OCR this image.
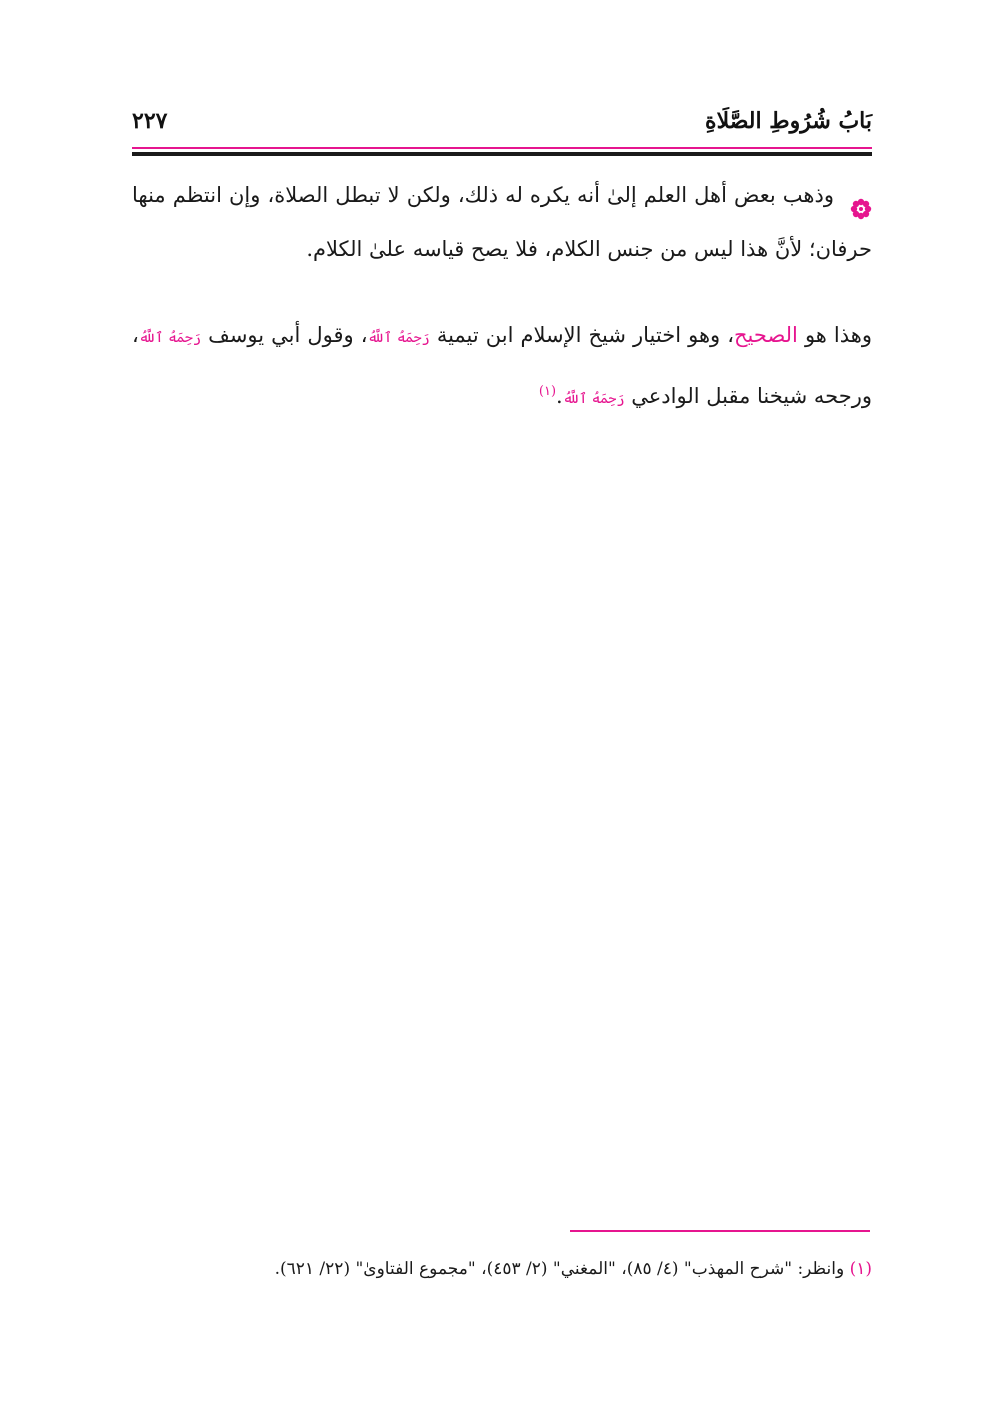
بَابُ شُرُوطِ الصَّلَاةِ
٢٢٧
وذهب بعض أهل العلم إلىٰ أنه يكره له ذلك، ولكن لا تبطل الصلاة، وإن انتظم منها حرفان؛ لأنَّ هذا ليس من جنس الكلام، فلا يصح قياسه علىٰ الكلام.
وهذا هو الصحيح، وهو اختيار شيخ الإسلام ابن تيمية رَحِمَهُ ٱللَّهُ، وقول أبي يوسف رَحِمَهُ ٱللَّهُ، ورجحه شيخنا مقبل الوادعي رَحِمَهُ ٱللَّهُ.$^{(١)}$
(١) وانظر: "شرح المهذب" (٤/ ٨٥)، "المغني" (٢/ ٤٥٣)، "مجموع الفتاوىٰ" (٢٢/ ٦٢١).
